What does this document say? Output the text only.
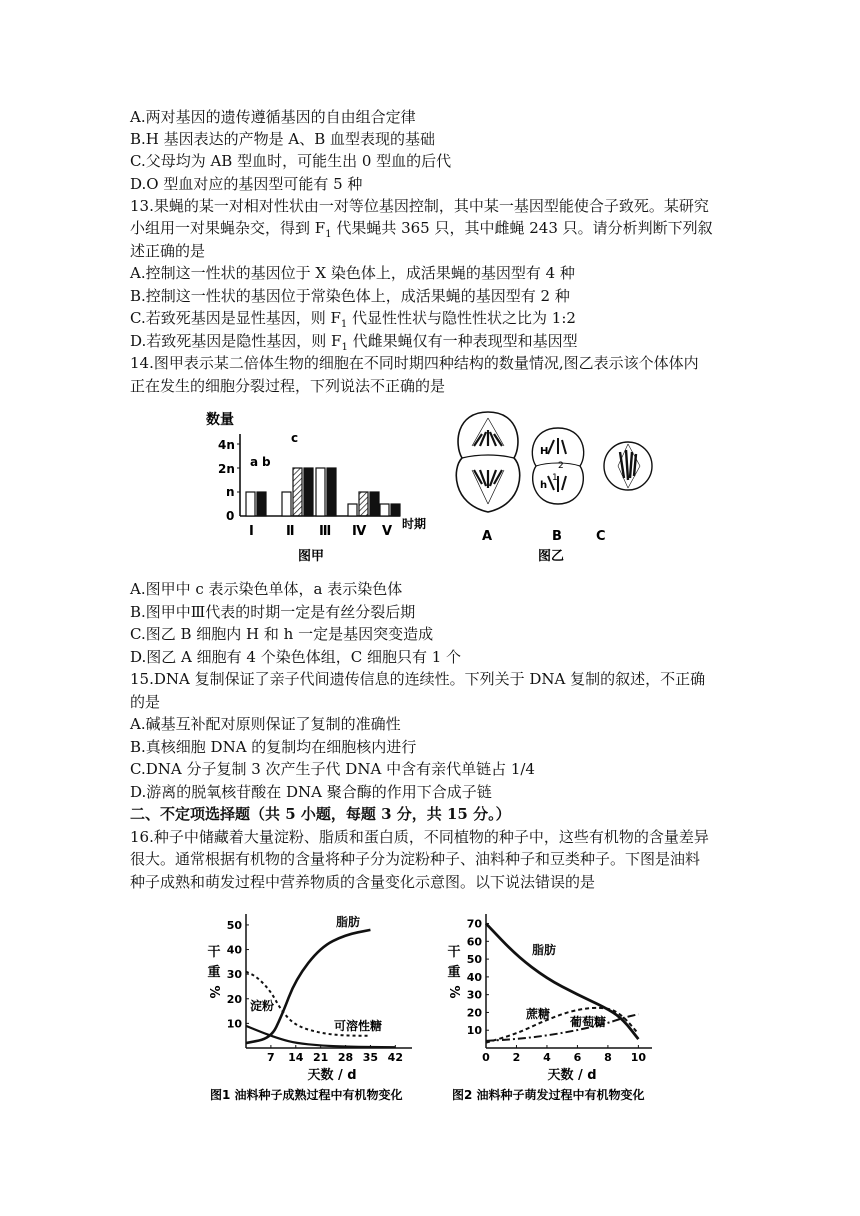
A.两对基因的遗传遵循基因的自由组合定律
B.H 基因表达的产物是 A、B 血型表现的基础
C.父母均为 AB 型血时，可能生出 0 型血的后代
D.O 型血对应的基因型可能有 5 种
13.果蝇的某一对相对性状由一对等位基因控制，其中某一基因型能使合子致死。某研究
小组用一对果蝇杂交，得到 $F_1$ 代果蝇共 365 只，其中雌蝇 243 只。请分析判断下列叙
述正确的是
A.控制这一性状的基因位于 X 染色体上，成活果蝇的基因型有 4 种
B.控制这一性状的基因位于常染色体上，成活果蝇的基因型有 2 种
C.若致死基因是显性基因，则 $F_1$ 代显性性状与隐性性状之比为 1:2
D.若致死基因是隐性基因，则 $F_1$ 代雌果蝇仅有一种表现型和基因型
14.图甲表示某二倍体生物的细胞在不同时期四种结构的数量情况,图乙表示该个体体内
正在发生的细胞分裂过程，下列说法不正确的是
数量
4n
2n
n
0
a b
c
Ⅰ Ⅱ Ⅲ Ⅳ Ⅴ 时期
图甲
H
h
2
1
A	B	C
图乙
A.图甲中 c 表示染色单体，a 表示染色体
B.图甲中Ⅲ代表的时期一定是有丝分裂后期
C.图乙 B 细胞内 H 和 h 一定是基因突变造成
D.图乙 A 细胞有 4 个染色体组，C 细胞只有 1 个
15.DNA 复制保证了亲子代间遗传信息的连续性。下列关于 DNA 复制的叙述，不正确
的是
A.碱基互补配对原则保证了复制的准确性
B.真核细胞 DNA 的复制均在细胞核内进行
C.DNA 分子复制 3 次产生子代 DNA 中含有亲代单链占 1/4
D.游离的脱氧核苷酸在 DNA 聚合酶的作用下合成子链
二、不定项选择题（共 5 小题，每题 3 分，共 15 分。）
16.种子中储藏着大量淀粉、脂质和蛋白质，不同植物的种子中，这些有机物的含量差异
很大。通常根据有机物的含量将种子分为淀粉种子、油料种子和豆类种子。下图是油料
种子成熟和萌发过程中营养物质的含量变化示意图。以下说法错误的是
7 14 21 28 35 42
10
20
30
40
50
干
重
%
天数 / d
图1 油料种子成熟过程中有机物变化
脂肪
淀粉
可溶性糖
0 2 4 6 8 10
10
20
30
40
50
60
70
干
重
%
天数 / d
图2 油料种子萌发过程中有机物变化
脂肪
蔗糖
葡萄糖
